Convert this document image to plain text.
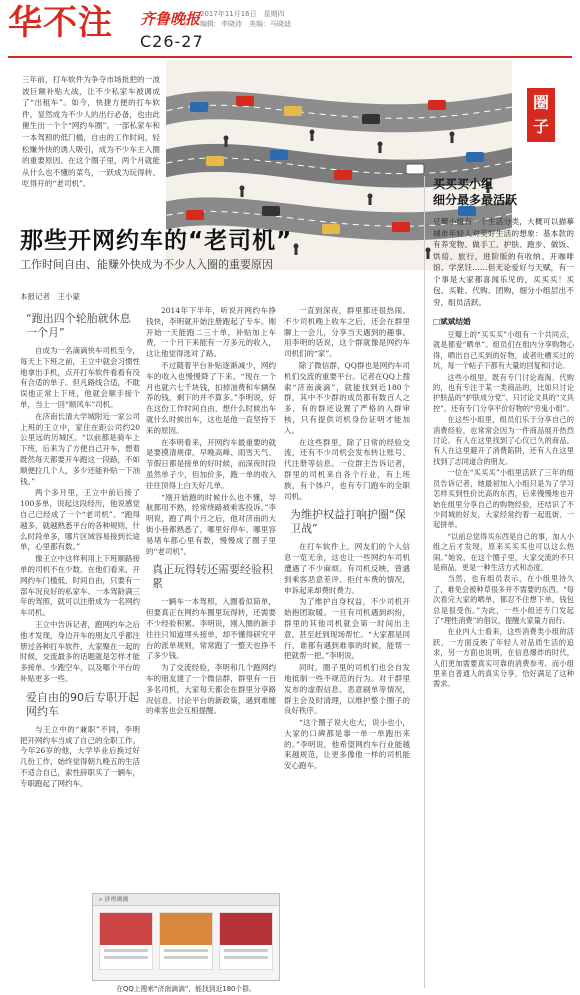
华不注 齐鲁晚报 2017年11月16日　星期四
编辑：李晓沛　美编：马晓迪
C26-27
三年前，打车软件为争夺市场批把的一波波巨额补贴大战，让不少私家车被调成了“出租车”。如今，快捷方便的打车软件，显然成为不少人的出行必备，也由此催生出一个个“网约车圈”。一部私家车和一本驾照的低门槛，自由的工作时间，轻松赚外快的诱人吸引，成为不少车主入圈的重要原因。在这个圈子里，两个月就能从什么也不懂的菜鸟，一跃成为玩得转、吃得开的“老司机”。
圈子
那些开网约车的“老司机”
工作时间自由、能赚外快成为不少人入圈的重要原因
本报记者　王小蒙
“跑出四个轮胎就休息一个月”

自成为一名滴滴快车司机至今，每天上下班之前，王立中就会习惯性地拿出手机，点开打车软件看看有没有合适的单子。但凡路线合适，不耽误他正常上下班，他就会顺手接个单，当上一回“顺风车”司机。

在济南长清大学城附近一家公司上班的王立中，家住在距公司约20公里远的历城区。“以前都是骑车上下班，后来为了方便自己开车，想着既然每天都要开车跑这一段路，不如顺便拉几个人，多少还能补贴一下油钱。”

两个多月里，王立中前后接了100多单，说起这段经历，他说感觉自己已经成了一个“老司机”。“跑得越多，就越熟悉平台的各种规则，什么时段单多，哪片区域容易接到长途单，心里都有数。”

像王立中这样利用上下班顺路接单的司机不在少数。在他们看来，开网约车门槛低、时间自由，只要有一部车况良好的私家车、一本驾龄满三年的驾照，就可以注册成为一名网约车司机。

王立中告诉记者，跑网约车之后他才发现，身边开车的朋友几乎都注册过各种打车软件，大家聚在一起的时候，交流最多的话题就是怎样才能多接单、少跑空车，以及哪个平台的补贴更多一些。

爱自由的90后专职开起网约车

与王立中的“兼职”不同，李明把开网约车当成了自己的全职工作。今年26岁的他，大学毕业后换过好几份工作，始终觉得朝九晚五的生活不适合自己，索性辞职买了一辆车，专职跑起了网约车。

2014年下半年，听说开网约车挣钱快，李明就开始注册跑起了专车。刚开始一天能跑二三十单，补贴加上车费，一个月下来能有一万多元的收入，这让他觉得选对了路。

不过随着平台补贴逐渐减少，网约车的收入也慢慢降了下来。“现在一个月也就六七千块钱，扣掉油费和车辆保养的钱，剩下的并不算多。”李明说，好在这份工作时间自由，想什么时候出车就什么时候出车，这也是他一直坚持下来的原因。

在李明看来，开网约车最重要的就是要摸清规律。早晚高峰、雨雪天气、节假日都是接单的好时候，而深夜时段虽然单子少，但加价多，跑一单的收入往往顶得上白天好几单。

“刚开始跑的时候什么也不懂，导航都用不熟，经常绕路被乘客投诉。”李明说，跑了两个月之后，他对济南的大街小巷都熟悉了，哪里好停车、哪里容易堵车都心里有数，慢慢成了圈子里的“老司机”。

真正玩得转还需要经验积累

一辆车一本驾照，入圈看似简单，但要真正在网约车圈里玩得转，还需要不少经验积累。李明说，刚入圈的新手往往只知道埋头接单，却不懂得研究平台的派单规则，常常跑了一整天也挣不了多少钱。

为了交流经验，李明和几个跑网约车的朋友建了一个微信群，群里有一百多名司机，大家每天都会在群里分享路况信息、讨论平台的新政策，遇到难缠的乘客也会互相提醒。

一直到深夜，群里都还很热闹。不少司机晚上收车之后，还会在群里聊上一会儿，分享当天遇到的趣事。用李明的话说，这个群就像是网约车司机们的“家”。

除了微信群，QQ群也是网约车司机们交流的重要平台。记者在QQ上搜索“济南滴滴”，就能找到近180个群，其中不少群的成员都有数百人之多，有的群还设置了严格的入群审核，只有提供司机身份证明才能加入。

在这些群里，除了日常的经验交流，还有不少司机会发布转让账号、代注册等信息。一位群主告诉记者，群里的司机来自各个行业，有上班族，有个体户，也有专门跑车的全职司机。

为维护权益打响护圈“保卫战”

在打车软件上，网友们的个人信息一览无余，这也让一些网约车司机遭遇了不少麻烦。有司机反映，曾遇到乘客恶意差评、拒付车费的情况，申诉起来却费时费力。

为了维护自身权益，不少司机开始抱团取暖。一旦有司机遇到纠纷，群里的其他司机就会第一时间出主意，甚至赶到现场帮忙。“大家都是同行，谁都有遇到难事的时候，能帮一把就帮一把。”李明说。

同时，圈子里的司机们也会自发地抵制一些不规范的行为。对于群里发布的虚假信息、恶意刷单等情况，群主会及时清理，以维护整个圈子的良好秩序。

“这个圈子说大也大，说小也小，大家的口碑都是靠一单一单跑出来的。”李明说，他希望网约车行业能越来越规范，让更多像他一样的司机能安心跑车。

⌕ 济南滴滴
在QQ上搜索“济南滴滴”，能找到近180个群。
买买买小组
细分最多最活跃
豆瓣小组有一个生活分类，大概可以描摹城市年轻人对美好生活的想象：基本款的有养宠物、做手工、护肤、跑步、做饭、烘焙、旅行，进阶版的有收纳、开咖啡馆、学烹饪……但无论爱好与天赋，有一个事是大家都喜闻乐见的，买买买！买包、买鞋、代购、团购，细分小组层出不穷，组员活跃。
□斌斌结婚

豆瓣上的“买买买”小组有一个共同点，就是都爱“晒单”。组员们在组内分享购物心得，晒出自己买到的好物，或者吐槽买过的坑，每一个帖子下都有大量的回复和讨论。

这些小组里，既有专门讨论海淘、代购的，也有专注于某一类商品的，比如只讨论护肤品的“护肤成分党”、只讨论文具的“文具控”，还有专门分享平价好物的“穷鬼小组”。

在这些小组里，组员们乐于分享自己的消费经验，也常常会因为一件商品展开热烈讨论。有人在这里找到了心仪已久的商品，有人在这里避开了消费陷阱，还有人在这里找到了志同道合的朋友。

一位在“买买买”小组里活跃了三年的组员告诉记者，她最初加入小组只是为了学习怎样买到性价比高的东西，后来慢慢地也开始在组里分享自己的购物经验，还结识了不少同城的好友，大家经常约着一起逛街、一起拼单。

“以前总觉得买东西是自己的事，加入小组之后才发现，原来买买买也可以这么热闹。”她说，在这个圈子里，大家交流的不只是商品，更是一种生活方式和态度。

当然，也有组员表示，在小组里待久了，难免会被种草很多并不需要的东西，“每次看完大家的晒单，都忍不住想下单，钱包总是很受伤。”为此，一些小组还专门发起了“理性消费”的倡议，提醒大家量力而行。

在业内人士看来，这些消费类小组的活跃，一方面反映了年轻人对品质生活的追求，另一方面也说明，在信息爆炸的时代，人们更加需要真实可靠的消费参考。而小组里来自普通人的真实分享，恰好满足了这种需求。
